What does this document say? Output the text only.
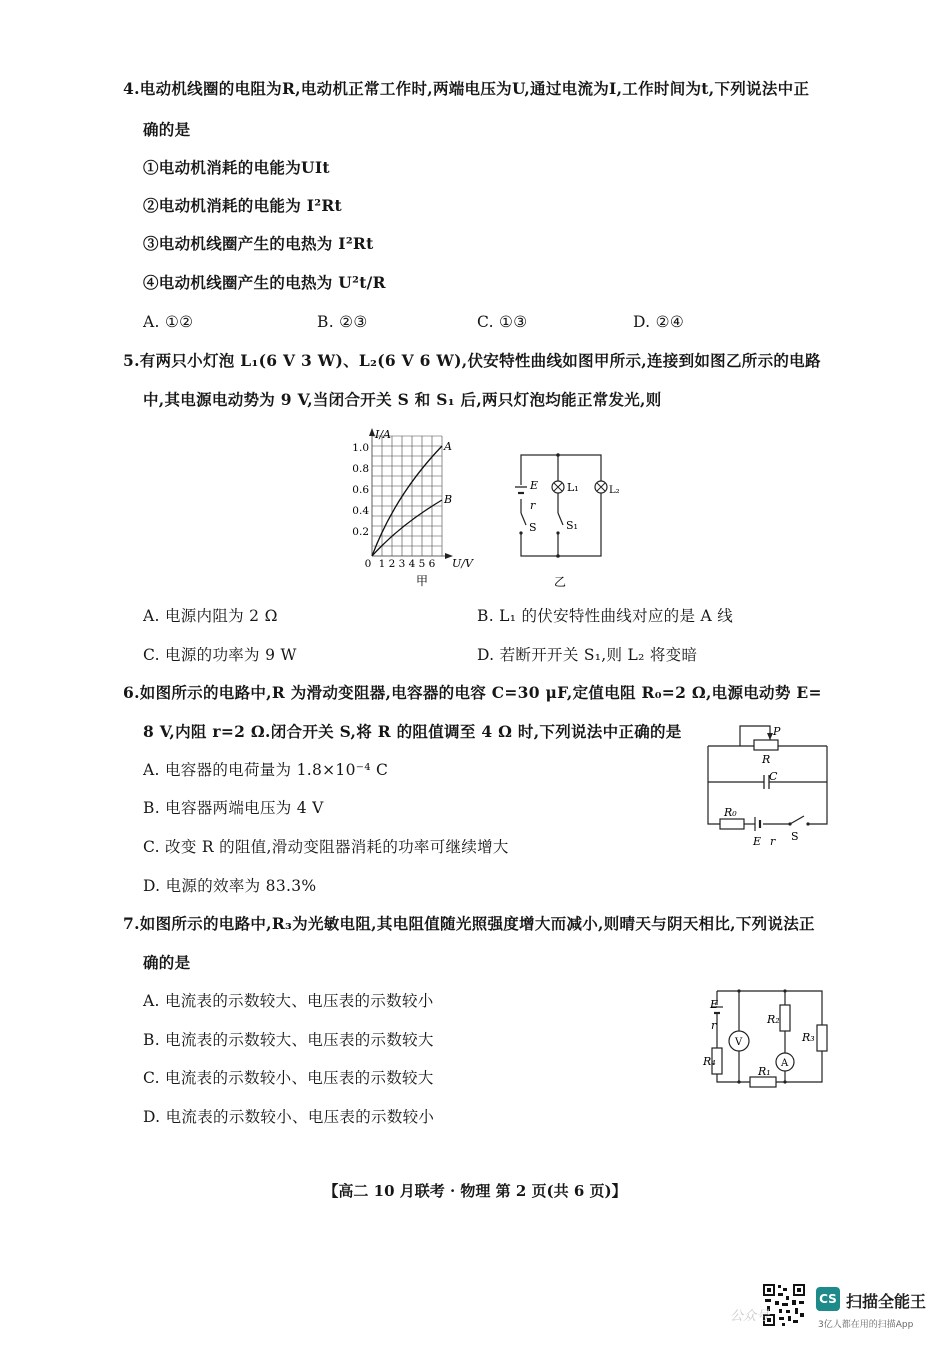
4.电动机线圈的电阻为R,电动机正常工作时,两端电压为U,通过电流为I,工作时间为t,下列说法中正
确的是
①电动机消耗的电能为UIt
②电动机消耗的电能为 I²Rt
③电动机线圈产生的电热为 I²Rt
④电动机线圈产生的电热为 U²t/R
A. ①②	B. ②③	C. ①③	D. ②④
5.有两只小灯泡 L₁(6 V 3 W)、L₂(6 V 6 W),伏安特性曲线如图甲所示,连接到如图乙所示的电路
中,其电源电动势为 9 V,当闭合开关 S 和 S₁ 后,两只灯泡均能正常发光,则
I/A
U/V
1.0
0.8
0.6
0.4
0.2
0 1 2 3 4 5 6
A
B
甲
E
r
S	S₁
L₁	L₂
乙
A. 电源内阻为 2 Ω	B. L₁ 的伏安特性曲线对应的是 A 线
C. 电源的功率为 9 W	D. 若断开开关 S₁,则 L₂ 将变暗
6.如图所示的电路中,R 为滑动变阻器,电容器的电容 C=30 μF,定值电阻 R₀=2 Ω,电源电动势 E=
8 V,内阻 r=2 Ω.闭合开关 S,将 R 的阻值调至 4 Ω 时,下列说法中正确的是
A. 电容器的电荷量为 1.8×10⁻⁴ C
B. 电容器两端电压为 4 V
C. 改变 R 的阻值,滑动变阻器消耗的功率可继续增大
D. 电源的效率为 83.3%
P
R
C
R₀
E r S
7.如图所示的电路中,R₃为光敏电阻,其电阻值随光照强度增大而减小,则晴天与阴天相比,下列说法正
确的是
A. 电流表的示数较大、电压表的示数较小
B. 电流表的示数较大、电压表的示数较大
C. 电流表的示数较小、电压表的示数较大
D. 电流表的示数较小、电压表的示数较小
E
r
V
A
R₄
R₂
R₃
R₁
【高二 10 月联考 · 物理 第 2 页(共 6 页)】
公众号
CS 扫描全能王
3亿人都在用的扫描App
